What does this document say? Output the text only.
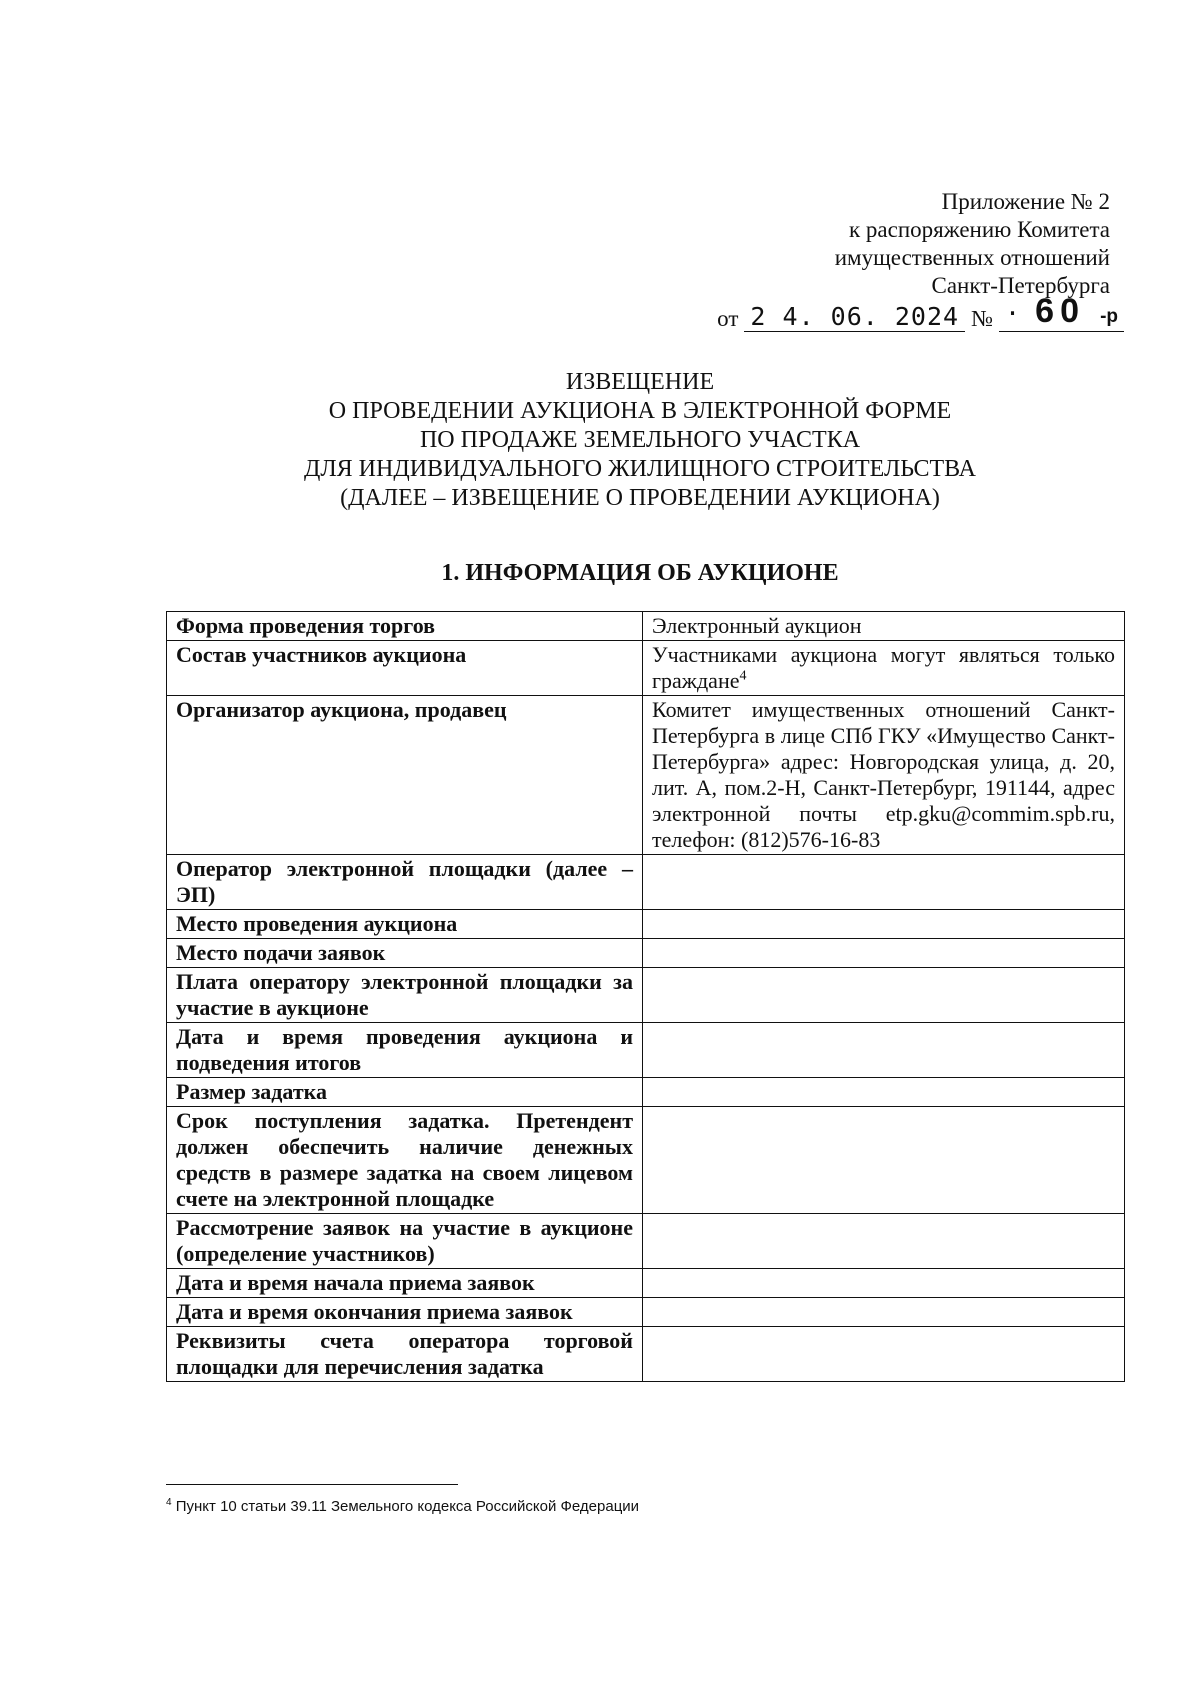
Приложение № 2
к распоряжению Комитета
имущественных отношений
Санкт-Петербурга
от 2 4. 06. 2024 № · 60 -р
ИЗВЕЩЕНИЕ
О ПРОВЕДЕНИИ АУКЦИОНА В ЭЛЕКТРОННОЙ ФОРМЕ
ПО ПРОДАЖЕ ЗЕМЕЛЬНОГО УЧАСТКА
ДЛЯ ИНДИВИДУАЛЬНОГО ЖИЛИЩНОГО СТРОИТЕЛЬСТВА
(ДАЛЕЕ – ИЗВЕЩЕНИЕ О ПРОВЕДЕНИИ АУКЦИОНА)
1. ИНФОРМАЦИЯ ОБ АУКЦИОНЕ
Форма проведения торгов	Электронный аукцион
Состав участников аукциона	Участниками аукциона могут являться только граждане$^4$
Организатор аукциона, продавец	Комитет имущественных отношений Санкт-Петербурга в лице СПб ГКУ «Имущество Санкт-Петербурга» адрес: Новгородская улица, д. 20, лит. А, пом.2-Н, Санкт-Петербург, 191144, адрес электронной почты etp.gku@commim.spb.ru, телефон: (812)576-16-83
Оператор электронной площадки (далее – ЭП)	
Место проведения аукциона	
Место подачи заявок	
Плата оператору электронной площадки за участие в аукционе	
Дата и время проведения аукциона и подведения итогов	
Размер задатка	
Срок поступления задатка. Претендент должен обеспечить наличие денежных средств в размере задатка на своем лицевом счете на электронной площадке	
Рассмотрение заявок на участие в аукционе (определение участников)	
Дата и время начала приема заявок	
Дата и время окончания приема заявок	
Реквизиты счета оператора торговой площадки для перечисления задатка	
$^4$ Пункт 10 статьи 39.11 Земельного кодекса Российской Федерации
